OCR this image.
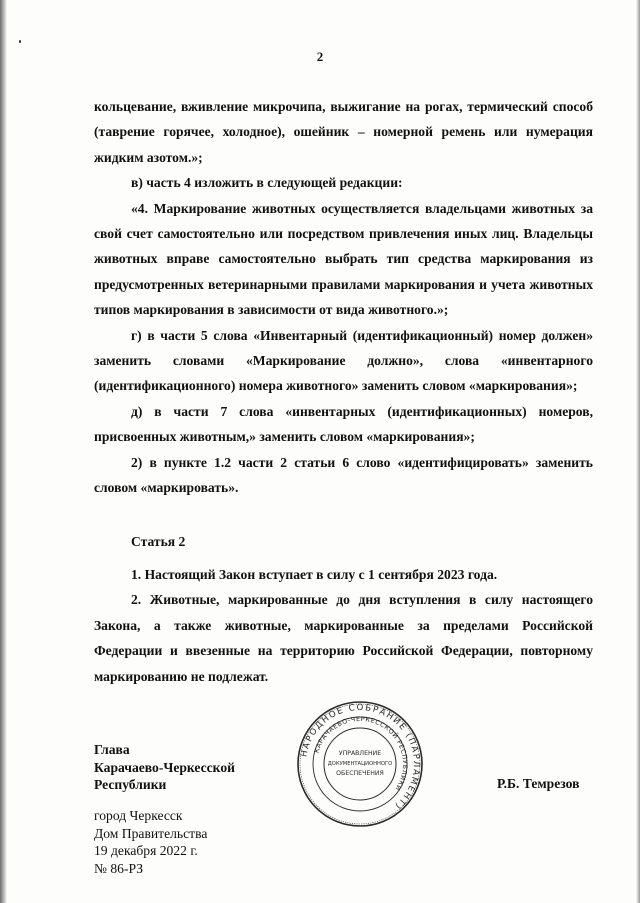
2

кольцевание, вживление микрочипа, выжигание на рогах, термический способ (таврение горячее, холодное), ошейник – номерной ремень или нумерация жидким азотом.»;

в) часть 4 изложить в следующей редакции:

«4. Маркирование животных осуществляется владельцами животных за свой счет самостоятельно или посредством привлечения иных лиц. Владельцы животных вправе самостоятельно выбрать тип средства маркирования из предусмотренных ветеринарными правилами маркирования и учета животных типов маркирования в зависимости от вида животного.»;

г) в части 5 слова «Инвентарный (идентификационный) номер должен» заменить словами «Маркирование должно», слова «инвентарного (идентификационного) номера животного» заменить словом «маркирования»;

д) в части 7 слова «инвентарных (идентификационных) номеров, присвоенных животным,» заменить словом «маркирования»;

2) в пункте 1.2 части 2 статьи 6 слово «идентифицировать» заменить словом «маркировать».

Статья 2

1. Настоящий Закон вступает в силу с 1 сентября 2023 года.

2. Животные, маркированные до дня вступления в силу настоящего Закона, а также животные, маркированные за пределами Российской Федерации и ввезенные на территорию Российской Федерации, повторному маркированию не подлежат.

Глава
Карачаево-Черкесской
Республики
город Черкесск
Дом Правительства
19 декабря 2022 г.
№ 86-РЗ
Р.Б. Темрезов
НАРОДНОЕ СОБРАНИЕ (ПАРЛАМЕНТ)
КАРАЧАЕВО-ЧЕРКЕССКОЙ РЕСПУБЛИКИ
УПРАВЛЕНИЕ
ДОКУМЕНТАЦИОННОГО
ОБЕСПЕЧЕНИЯ
